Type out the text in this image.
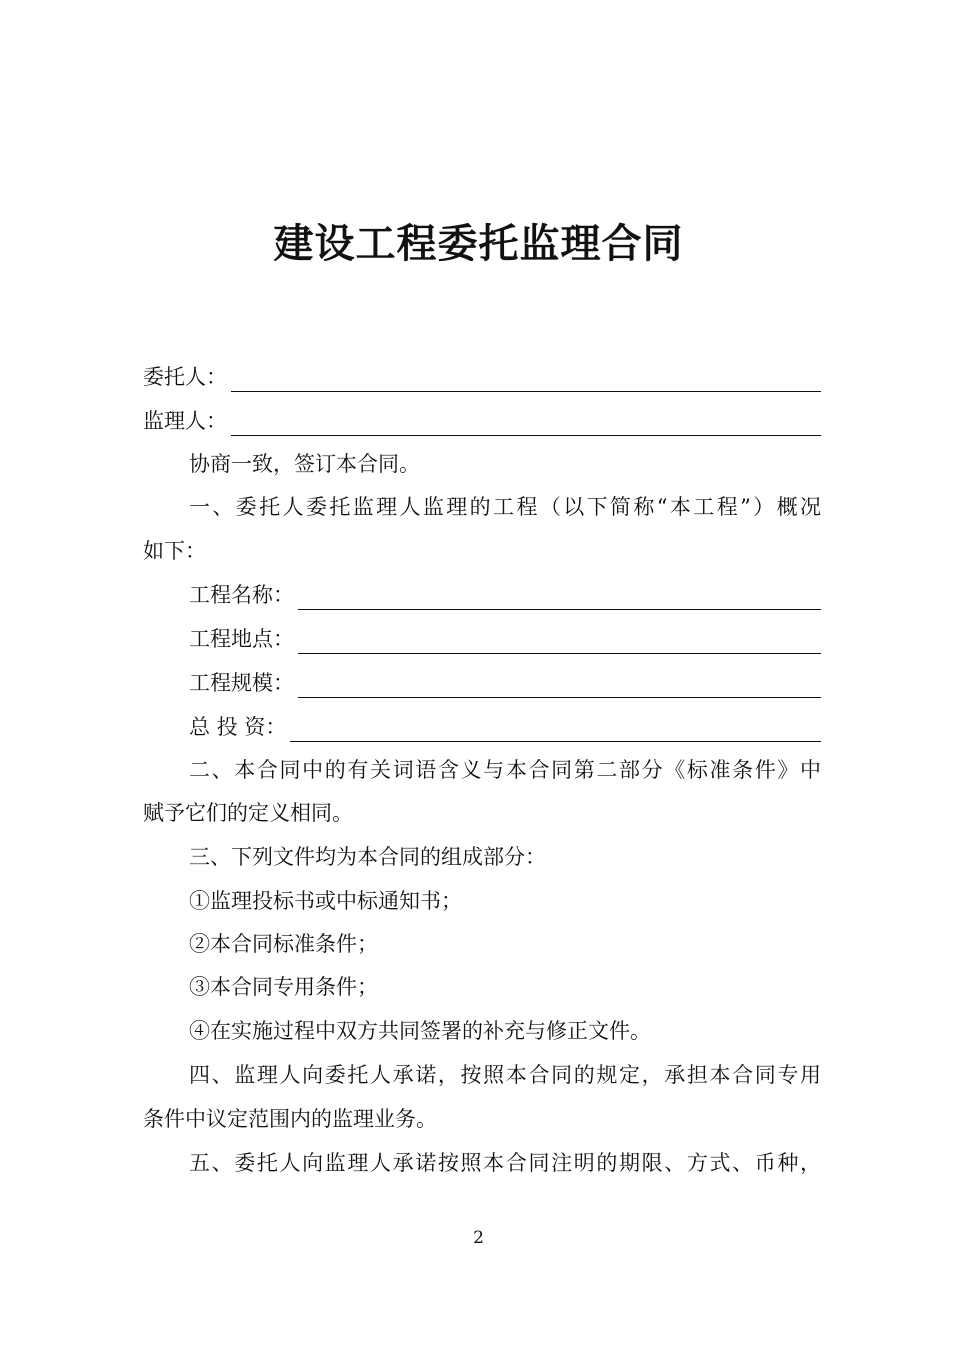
建设工程委托监理合同
委托人：
监理人：
协商一致，签订本合同。
一、委托人委托监理人监理的工程（以下简称“本工程”）概况
如下：
工程名称：
工程地点：
工程规模：
总 投 资：
二、本合同中的有关词语含义与本合同第二部分《标准条件》中
赋予它们的定义相同。
三、下列文件均为本合同的组成部分：
①监理投标书或中标通知书；
②本合同标准条件；
③本合同专用条件；
④在实施过程中双方共同签署的补充与修正文件。
四、监理人向委托人承诺，按照本合同的规定，承担本合同专用
条件中议定范围内的监理业务。
五、委托人向监理人承诺按照本合同注明的期限、方式、币种，
2
